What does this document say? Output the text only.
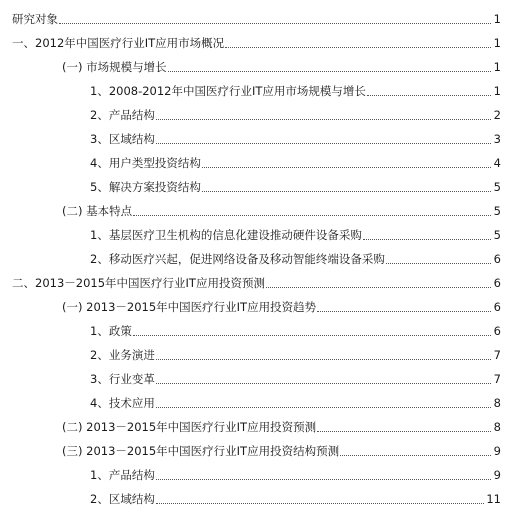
研究对象	1
一、2012年中国医疗行业IT应用市场概况	1
(一) 市场规模与增长	1
1、2008-2012年中国医疗行业IT应用市场规模与增长	1
2、产品结构	2
3、区域结构	3
4、用户类型投资结构	4
5、解决方案投资结构	5
(二) 基本特点	5
1、基层医疗卫生机构的信息化建设推动硬件设备采购	5
2、移动医疗兴起，促进网络设备及移动智能终端设备采购	6
二、2013－2015年中国医疗行业IT应用投资预测	6
(一) 2013－2015年中国医疗行业IT应用投资趋势	6
1、政策	6
2、业务演进	7
3、行业变革	7
4、技术应用	8
(二) 2013－2015年中国医疗行业IT应用投资预测	8
(三) 2013－2015年中国医疗行业IT应用投资结构预测	9
1、产品结构	9
2、区域结构	11
